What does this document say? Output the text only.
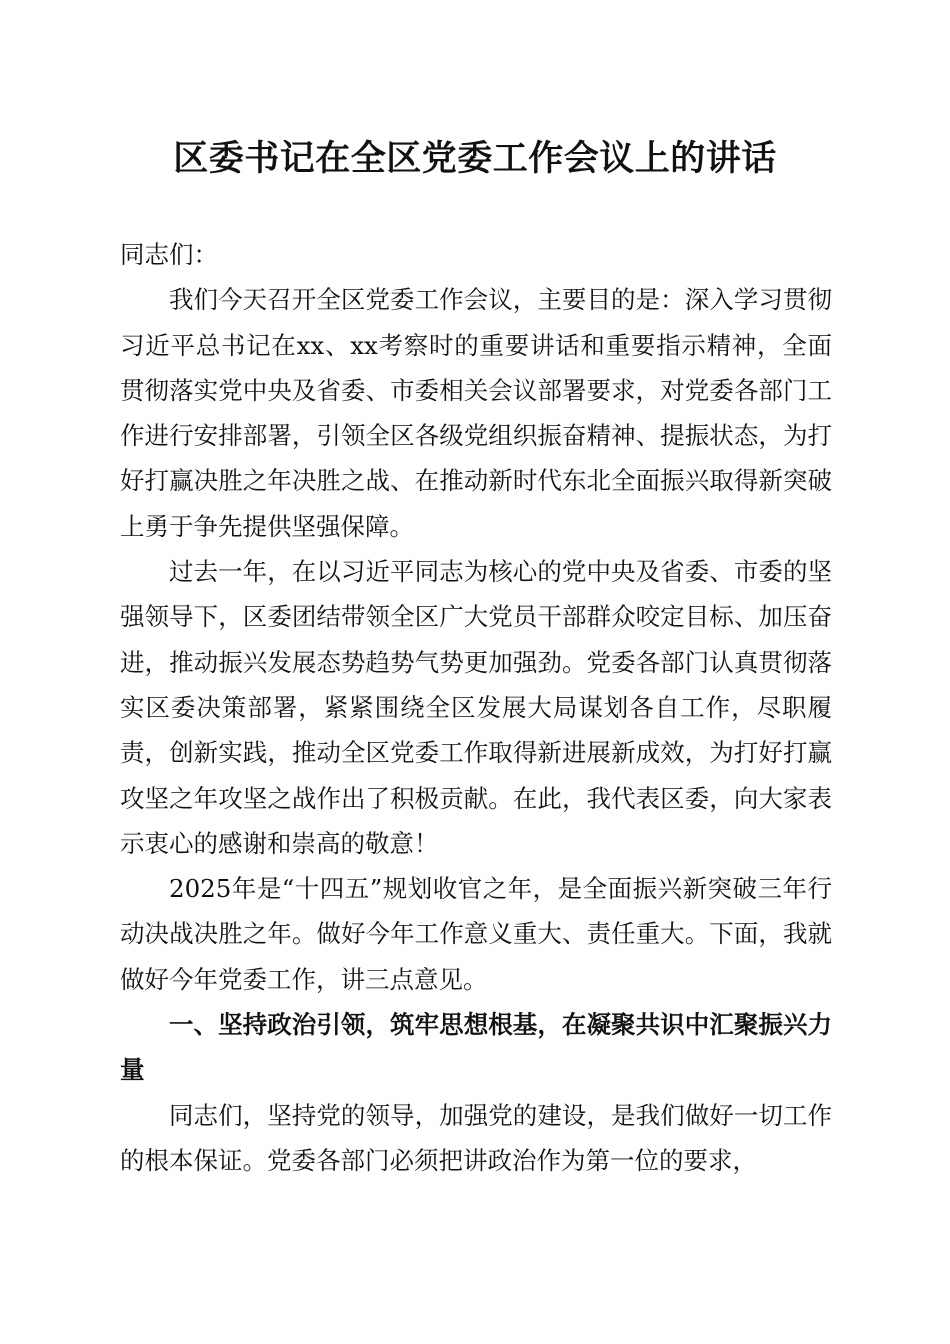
区委书记在全区党委工作会议上的讲话

同志们：

我们今天召开全区党委工作会议，主要目的是：深入学习贯彻习近平总书记在xx、xx考察时的重要讲话和重要指示精神，全面贯彻落实党中央及省委、市委相关会议部署要求，对党委各部门工作进行安排部署，引领全区各级党组织振奋精神、提振状态，为打好打赢决胜之年决胜之战、在推动新时代东北全面振兴取得新突破上勇于争先提供坚强保障。

过去一年，在以习近平同志为核心的党中央及省委、市委的坚强领导下，区委团结带领全区广大党员干部群众咬定目标、加压奋进，推动振兴发展态势趋势气势更加强劲。党委各部门认真贯彻落实区委决策部署，紧紧围绕全区发展大局谋划各自工作，尽职履责，创新实践，推动全区党委工作取得新进展新成效，为打好打赢攻坚之年攻坚之战作出了积极贡献。在此，我代表区委，向大家表示衷心的感谢和崇高的敬意！

2025年是“十四五”规划收官之年，是全面振兴新突破三年行动决战决胜之年。做好今年工作意义重大、责任重大。下面，我就做好今年党委工作，讲三点意见。

一、坚持政治引领，筑牢思想根基，在凝聚共识中汇聚振兴力量

同志们，坚持党的领导，加强党的建设，是我们做好一切工作的根本保证。党委各部门必须把讲政治作为第一位的要求，
